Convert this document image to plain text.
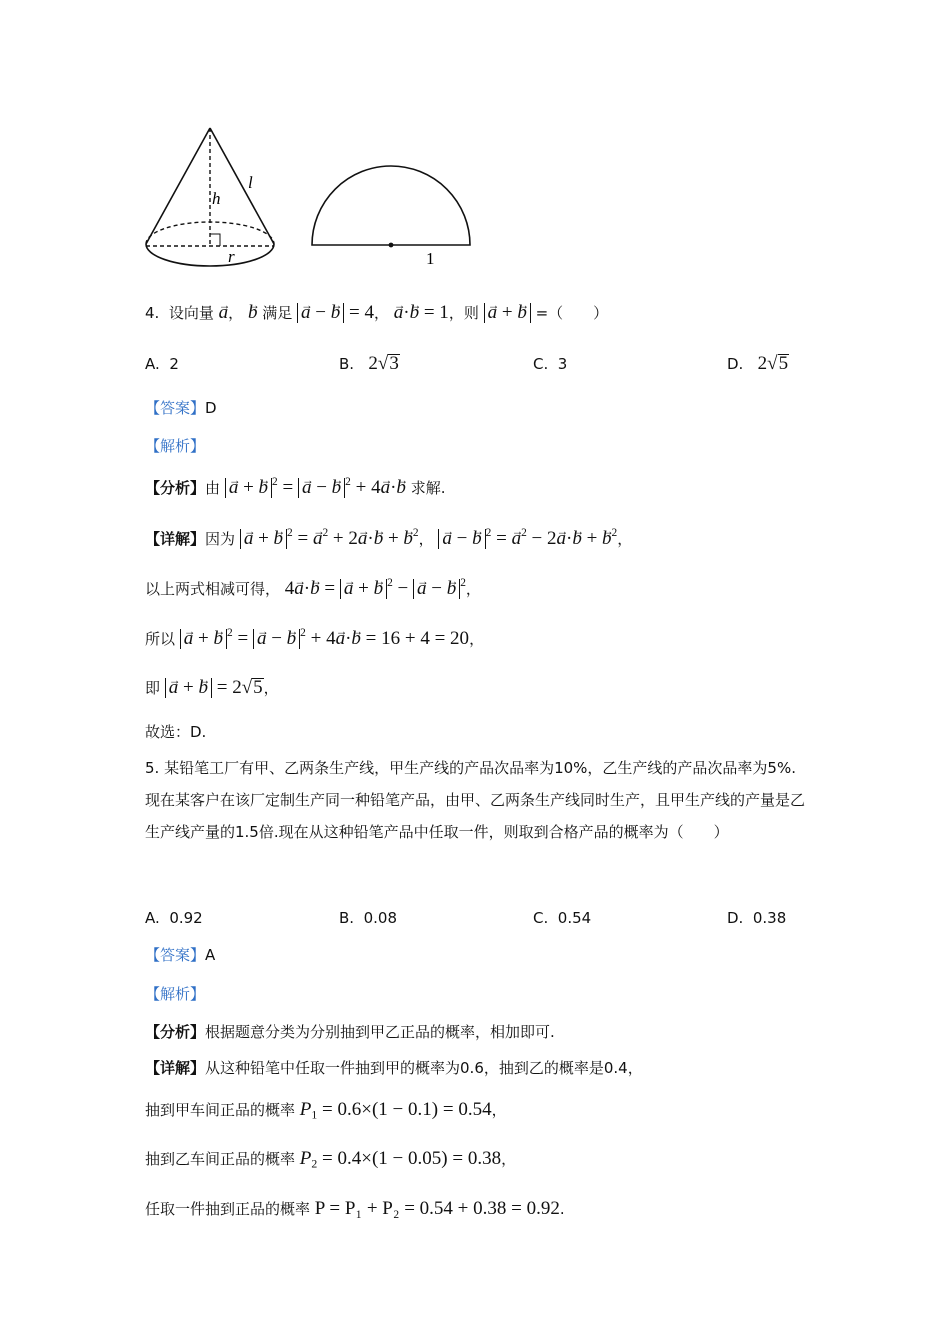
l
h
r	1
4. 设向量 → a， → b 满足 → a − → b = 4， → a·→ b = 1，则 → a + → b =（　　）
A. 2	B. 2√3	C. 3	D. 2√5
【答案】D
【解析】
【分析】由 → a + → b $^2$ = → a − → b $^2$ + 4→ a·→ b 求解.
【详解】因为 → a + → b $^2$ = → $a^2 + 2\to a\cdot\to b$ + → $b^2$， → a − → b $^2$ = → $a^2 - 2\to a\cdot\to b$ + → $b^2$，
以上两式相减可得， 4→ a·→ b = → a + → b $^2$ − → a − → b $^2$，
所以 → a + → b $^2$ = → a − → b $^2$ + 4→ a·→ b = 16 + 4 = 20，
即 → a + → b = 2√5，
故选：D.
5. 某铅笔工厂有甲、乙两条生产线，甲生产线的产品次品率为10%，乙生产线的产品次品率为5%.现在某客户在该厂定制生产同一种铅笔产品，由甲、乙两条生产线同时生产，且甲生产线的产量是乙生产线产量的1.5倍.现在从这种铅笔产品中任取一件，则取到合格产品的概率为（　　）
A. 0.92	B. 0.08	C. 0.54	D. 0.38
【答案】A
【解析】
【分析】根据题意分类为分别抽到甲乙正品的概率，相加即可.
【详解】从这种铅笔中任取一件抽到甲的概率为0.6，抽到乙的概率是0.4，
抽到甲车间正品的概率 $P_1 = 0.6\times(1 - 0.1) = 0.54$，
抽到乙车间正品的概率 $P_2 = 0.4\times(1 - 0.05) = 0.38$，
任取一件抽到正品的概率 P = P₁ + P₂ = 0.54 + 0.38 = 0.92.
